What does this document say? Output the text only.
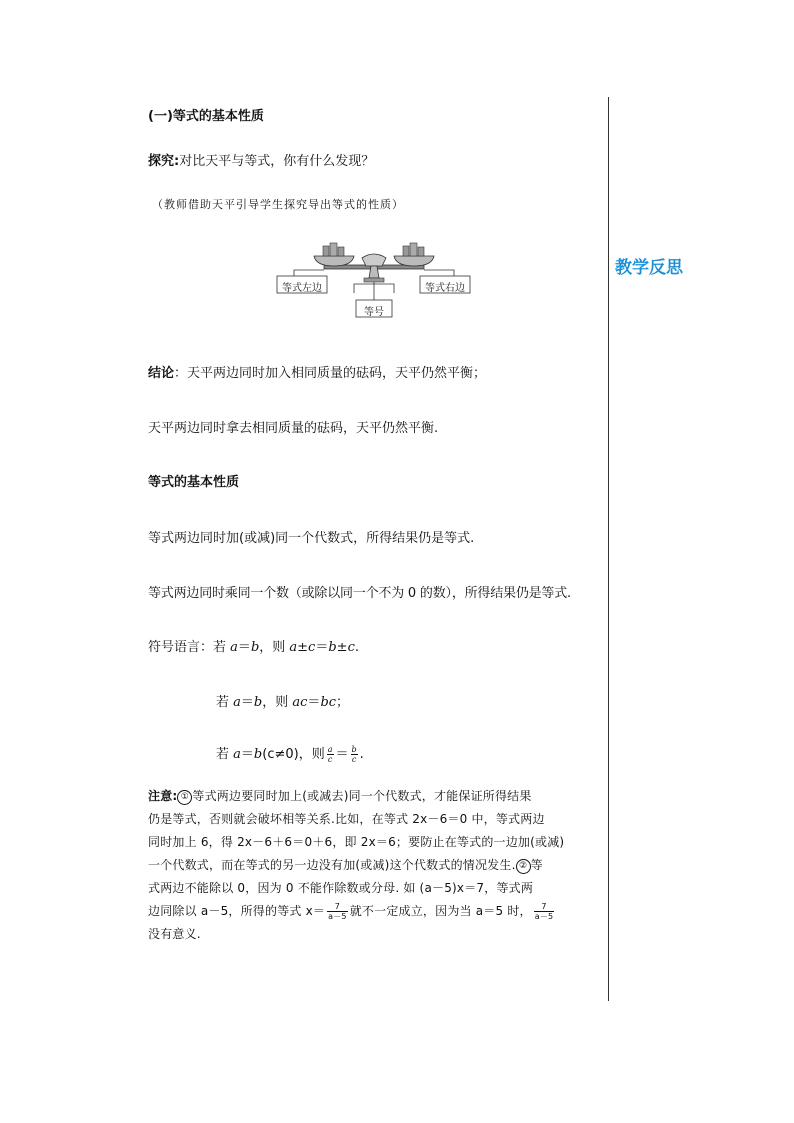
教学反思
(一)等式的基本性质
探究:对比天平与等式，你有什么发现？
（教师借助天平引导学生探究导出等式的性质）
等式左边	等式右边
等号
结论：天平两边同时加入相同质量的砝码，天平仍然平衡；
天平两边同时拿去相同质量的砝码，天平仍然平衡.
等式的基本性质
等式两边同时加(或减)同一个代数式，所得结果仍是等式.
等式两边同时乘同一个数（或除以同一个不为 0 的数），所得结果仍是等式.
符号语言：若 a＝b，则 a±c＝b±c.
若 a＝b，则 ac＝bc；
若 a＝b(c≠0)，则 $\frac{a}{c} = \frac{b}{c}$ .
注意: ① 等式两边要同时加上(或减去)同一个代数式，才能保证所得结果
仍是等式，否则就会破坏相等关系.比如，在等式 2x－6＝0 中，等式两边
同时加上 6，得 2x－6＋6＝0＋6，即 2x＝6；要防止在等式的一边加(或减)
一个代数式，而在等式的另一边没有加(或减)这个代数式的情况发生. ② 等
式两边不能除以 0，因为 0 不能作除数或分母. 如 (a－5)x＝7，等式两
边同除以 a－5，所得的等式 $x= \frac{7}{a-5}$ 就不一定成立，因为当 a＝5 时， $\frac{7}{a-5}$
没有意义.
